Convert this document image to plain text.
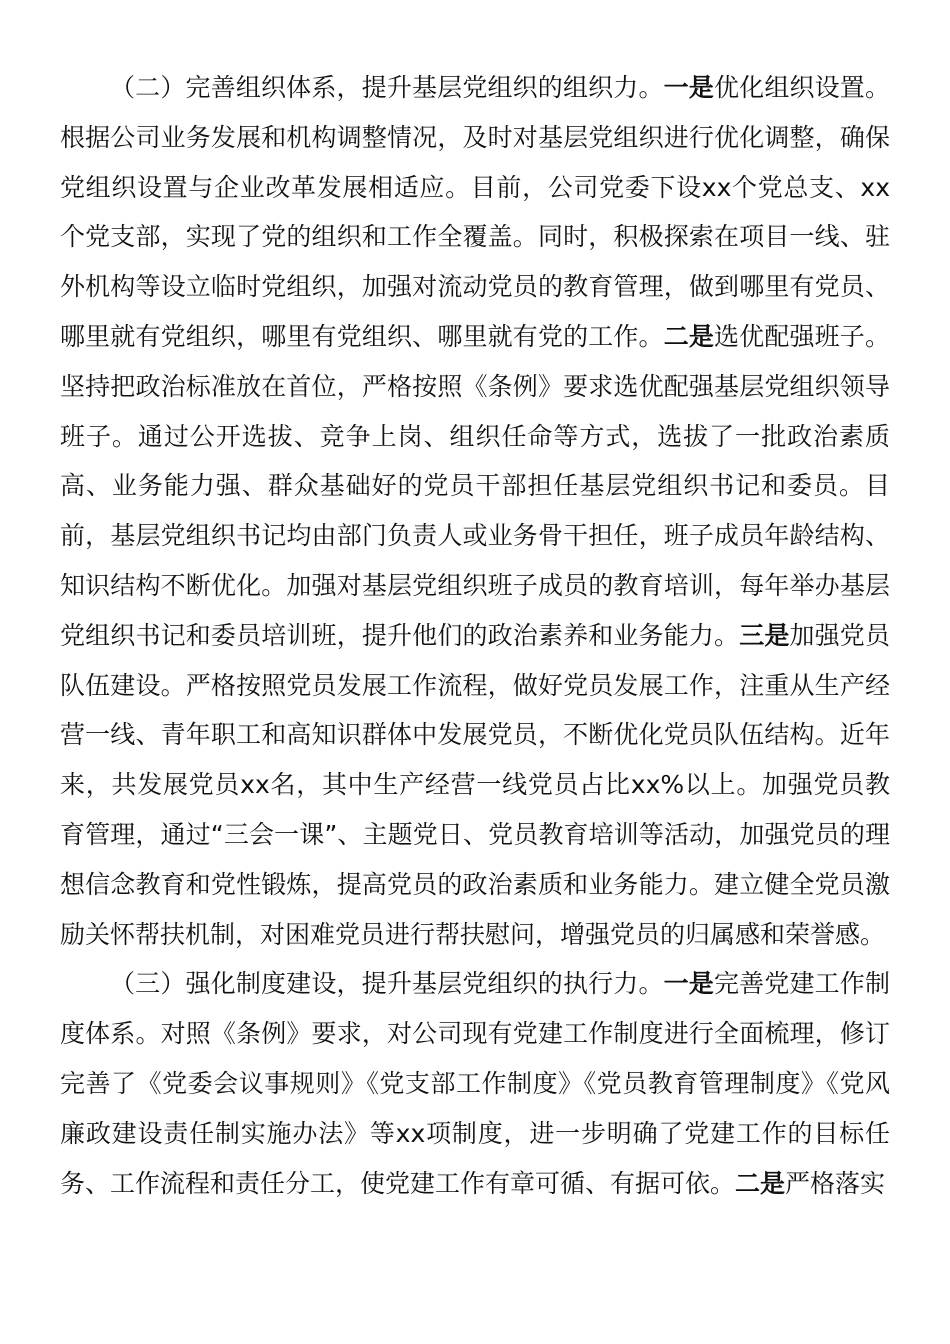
（二）完善组织体系，提升基层党组织的组织力。一是优化组织设置。根据公司业务发展和机构调整情况，及时对基层党组织进行优化调整，确保党组织设置与企业改革发展相适应。目前，公司党委下设xx个党总支、xx个党支部，实现了党的组织和工作全覆盖。同时，积极探索在项目一线、驻外机构等设立临时党组织，加强对流动党员的教育管理，做到哪里有党员、哪里就有党组织，哪里有党组织、哪里就有党的工作。二是选优配强班子。坚持把政治标准放在首位，严格按照《条例》要求选优配强基层党组织领导班子。通过公开选拔、竞争上岗、组织任命等方式，选拔了一批政治素质高、业务能力强、群众基础好的党员干部担任基层党组织书记和委员。目前，基层党组织书记均由部门负责人或业务骨干担任，班子成员年龄结构、知识结构不断优化。加强对基层党组织班子成员的教育培训，每年举办基层党组织书记和委员培训班，提升他们的政治素养和业务能力。三是加强党员队伍建设。严格按照党员发展工作流程，做好党员发展工作，注重从生产经营一线、青年职工和高知识群体中发展党员，不断优化党员队伍结构。近年来，共发展党员xx名，其中生产经营一线党员占比xx%以上。加强党员教育管理，通过“三会一课”、主题党日、党员教育培训等活动，加强党员的理想信念教育和党性锻炼，提高党员的政治素质和业务能力。建立健全党员激励关怀帮扶机制，对困难党员进行帮扶慰问，增强党员的归属感和荣誉感。

（三）强化制度建设，提升基层党组织的执行力。一是完善党建工作制度体系。对照《条例》要求，对公司现有党建工作制度进行全面梳理，修订完善了《党委会议事规则》《党支部工作制度》《党员教育管理制度》《党风廉政建设责任制实施办法》等xx项制度，进一步明确了党建工作的目标任务、工作流程和责任分工，使党建工作有章可循、有据可依。二是严格落实
